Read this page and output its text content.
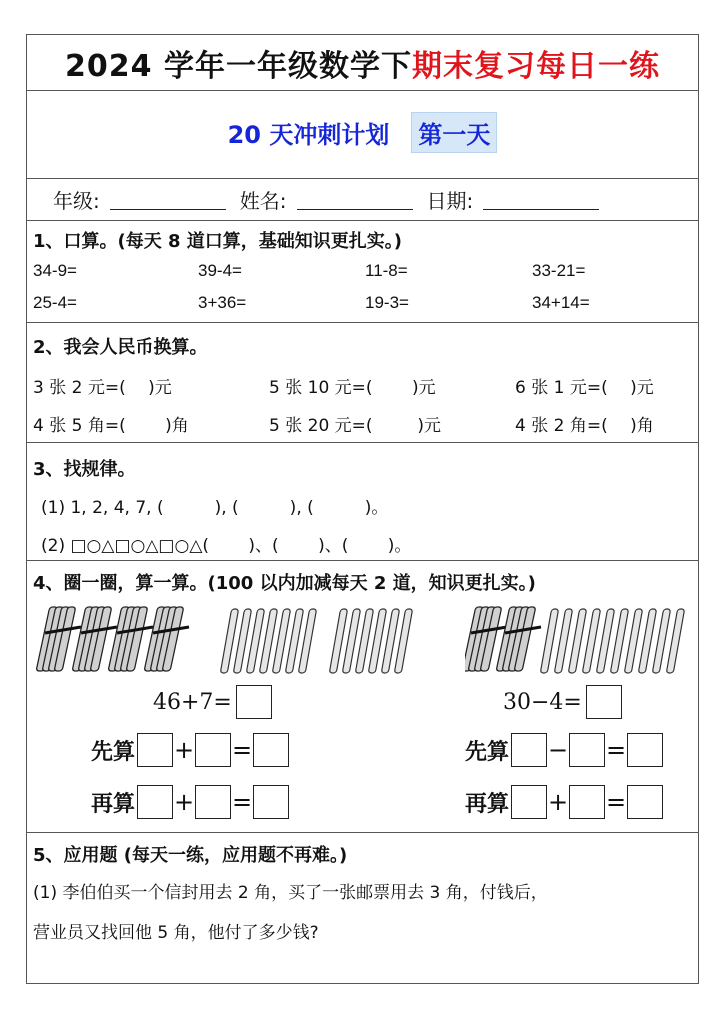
2024 学年一年级数学下 期末复习每日一练
20 天冲刺计划 第一天
年级:	姓名:	日期:
1、口算。(每天 8 道口算，基础知识更扎实。)
34-9=	39-4=	11-8=	33-21=
25-4=	3+36=	19-3=	34+14=
2、我会人民币换算。
3 张 2 元=(　 )元	5 张 10 元=(　 　)元	6 张 1 元=(　 )元
4 张 5 角=(　 　)角	5 张 20 元=(　 　 )元	4 张 2 角=(　 )角
3、找规律。
(1) 1, 2, 4, 7, (　　　), (　　　), (　　　)。
(2) □○△□○△□○△(　　 )、(　　 )、(　　 )。
4、圈一圈，算一算。(100 以内加减每天 2 道，知识更扎实。)
46+7=	30−4=
先算 + =	先算 − =
再算 + =	再算 + =
5、应用题 (每天一练，应用题不再难。)
(1) 李伯伯买一个信封用去 2 角，买了一张邮票用去 3 角，付钱后，
营业员又找回他 5 角，他付了多少钱?
